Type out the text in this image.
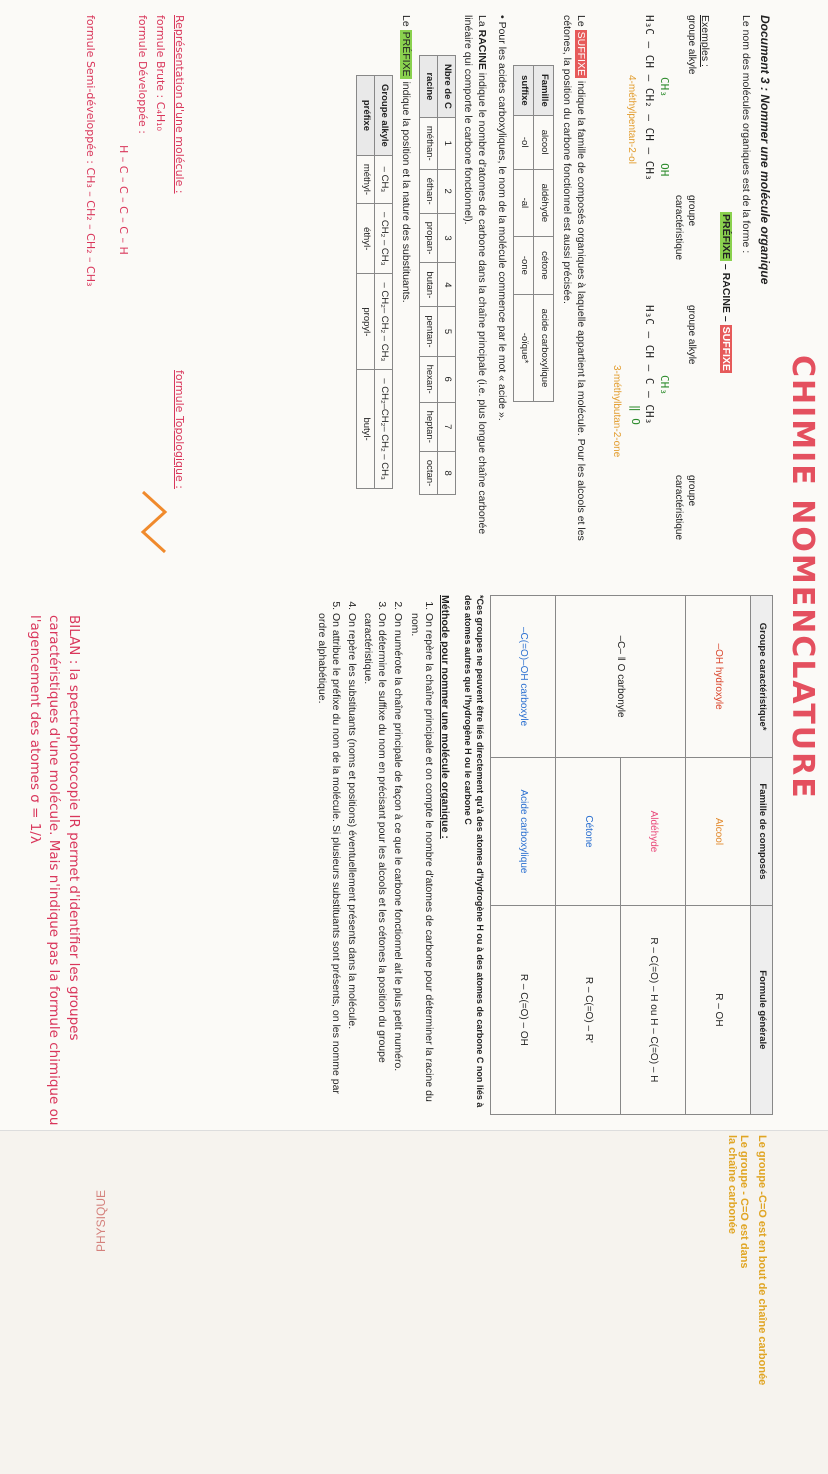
CHIMIE NOMENCLATURE

Document 3 : Nommer une molécule organique

Le nom des molécules organiques est de la forme :
PRÉFIXE – RACINE – SUFFIXE
Exemples :
groupe alkyle
groupe caractéristique
CH₃          OH
H₃C — CH — CH₂ — CH — CH₃
4-méthylpentan-2-ol
groupe alkyle
groupe caractéristique
CH₃
H₃C — CH — C — CH₃
‖ O
3-méthylbutan-2-one
Le SUFFIXE indique la famille de composés organiques à laquelle appartient la molécule. Pour les alcools et les cétones, la position du carbone fonctionnel est aussi précisée.
Famille	alcool	aldéhyde	cétone	acide carboxylique
suffixe	-ol	-al	-one	-oïque*
• Pour les acides carboxyliques, le nom de la molécule commence par le mot « acide ».
La RACINE indique le nombre d'atomes de carbone dans la chaîne principale (i.e. plus longue chaîne carbonée linéaire qui comporte le carbone fonctionnel).
Nbre de C	1	2	3	4	5	6	7	8
racine	méthan-	éthan-	propan-	butan-	pentan-	hexan-	heptan-	octan-
Le PRÉFIXE indique la position et la nature des substituants.
Groupe alkyle	– CH₃	– CH₂ – CH₃	– CH₂– CH₂ – CH₃	– CH₂–CH₂– CH₂ – CH₃
préfixe	méthyl-	éthyl-	propyl-	butyl-
Groupe caractéristique*	Famille de composés	Formule générale
–OH hydroxyle	Alcool	R – OH
–C– ‖ O carbonyle	Aldéhyde	R – C(=O) – H ou H – C(=O) – H
	Cétone	R – C(=O) – R'
–C(=O)–OH carboxyle	Acide carboxylique	R – C(=O) – OH
*Ces groupes ne peuvent être liés directement qu'à des atomes d'hydrogène H ou à des atomes de carbone C non liés à des atomes autres que l'hydrogène H ou le carbone C
Méthode pour nommer une molécule organique :
1. On repère la chaîne principale et on compte le nombre d'atomes de carbone pour déterminer la racine du nom.
2. On numérote la chaîne principale de façon à ce que le carbone fonctionnel ait le plus petit numéro.
3. On détermine le suffixe du nom en précisant pour les alcools et les cétones la position du groupe caractéristique.
4. On repère les substituants (noms et positions) éventuellement présents dans la molécule.
5. On attribue le préfixe du nom de la molécule. Si plusieurs substituants sont présents, on les nomme par ordre alphabétique.
Représentation d'une molécule :
formule Brute : C₄H₁₀
formule Développée :
H – C – C – C – C – H
formule Semi-développée : CH₃ – CH₂ – CH₂ – CH₃
formule Topologique :
BILAN : la spectrophotocopie IR permet d'identifier les groupes caractéristiques d'une molécule. Mais n'indique pas la formule chimique ou l'agencement des atomes σ = 1/λ
Le groupe -C=O est en bout de chaîne carbonée
Le groupe - C=O est dans
la chaîne carbonée
PHYSIQUE
